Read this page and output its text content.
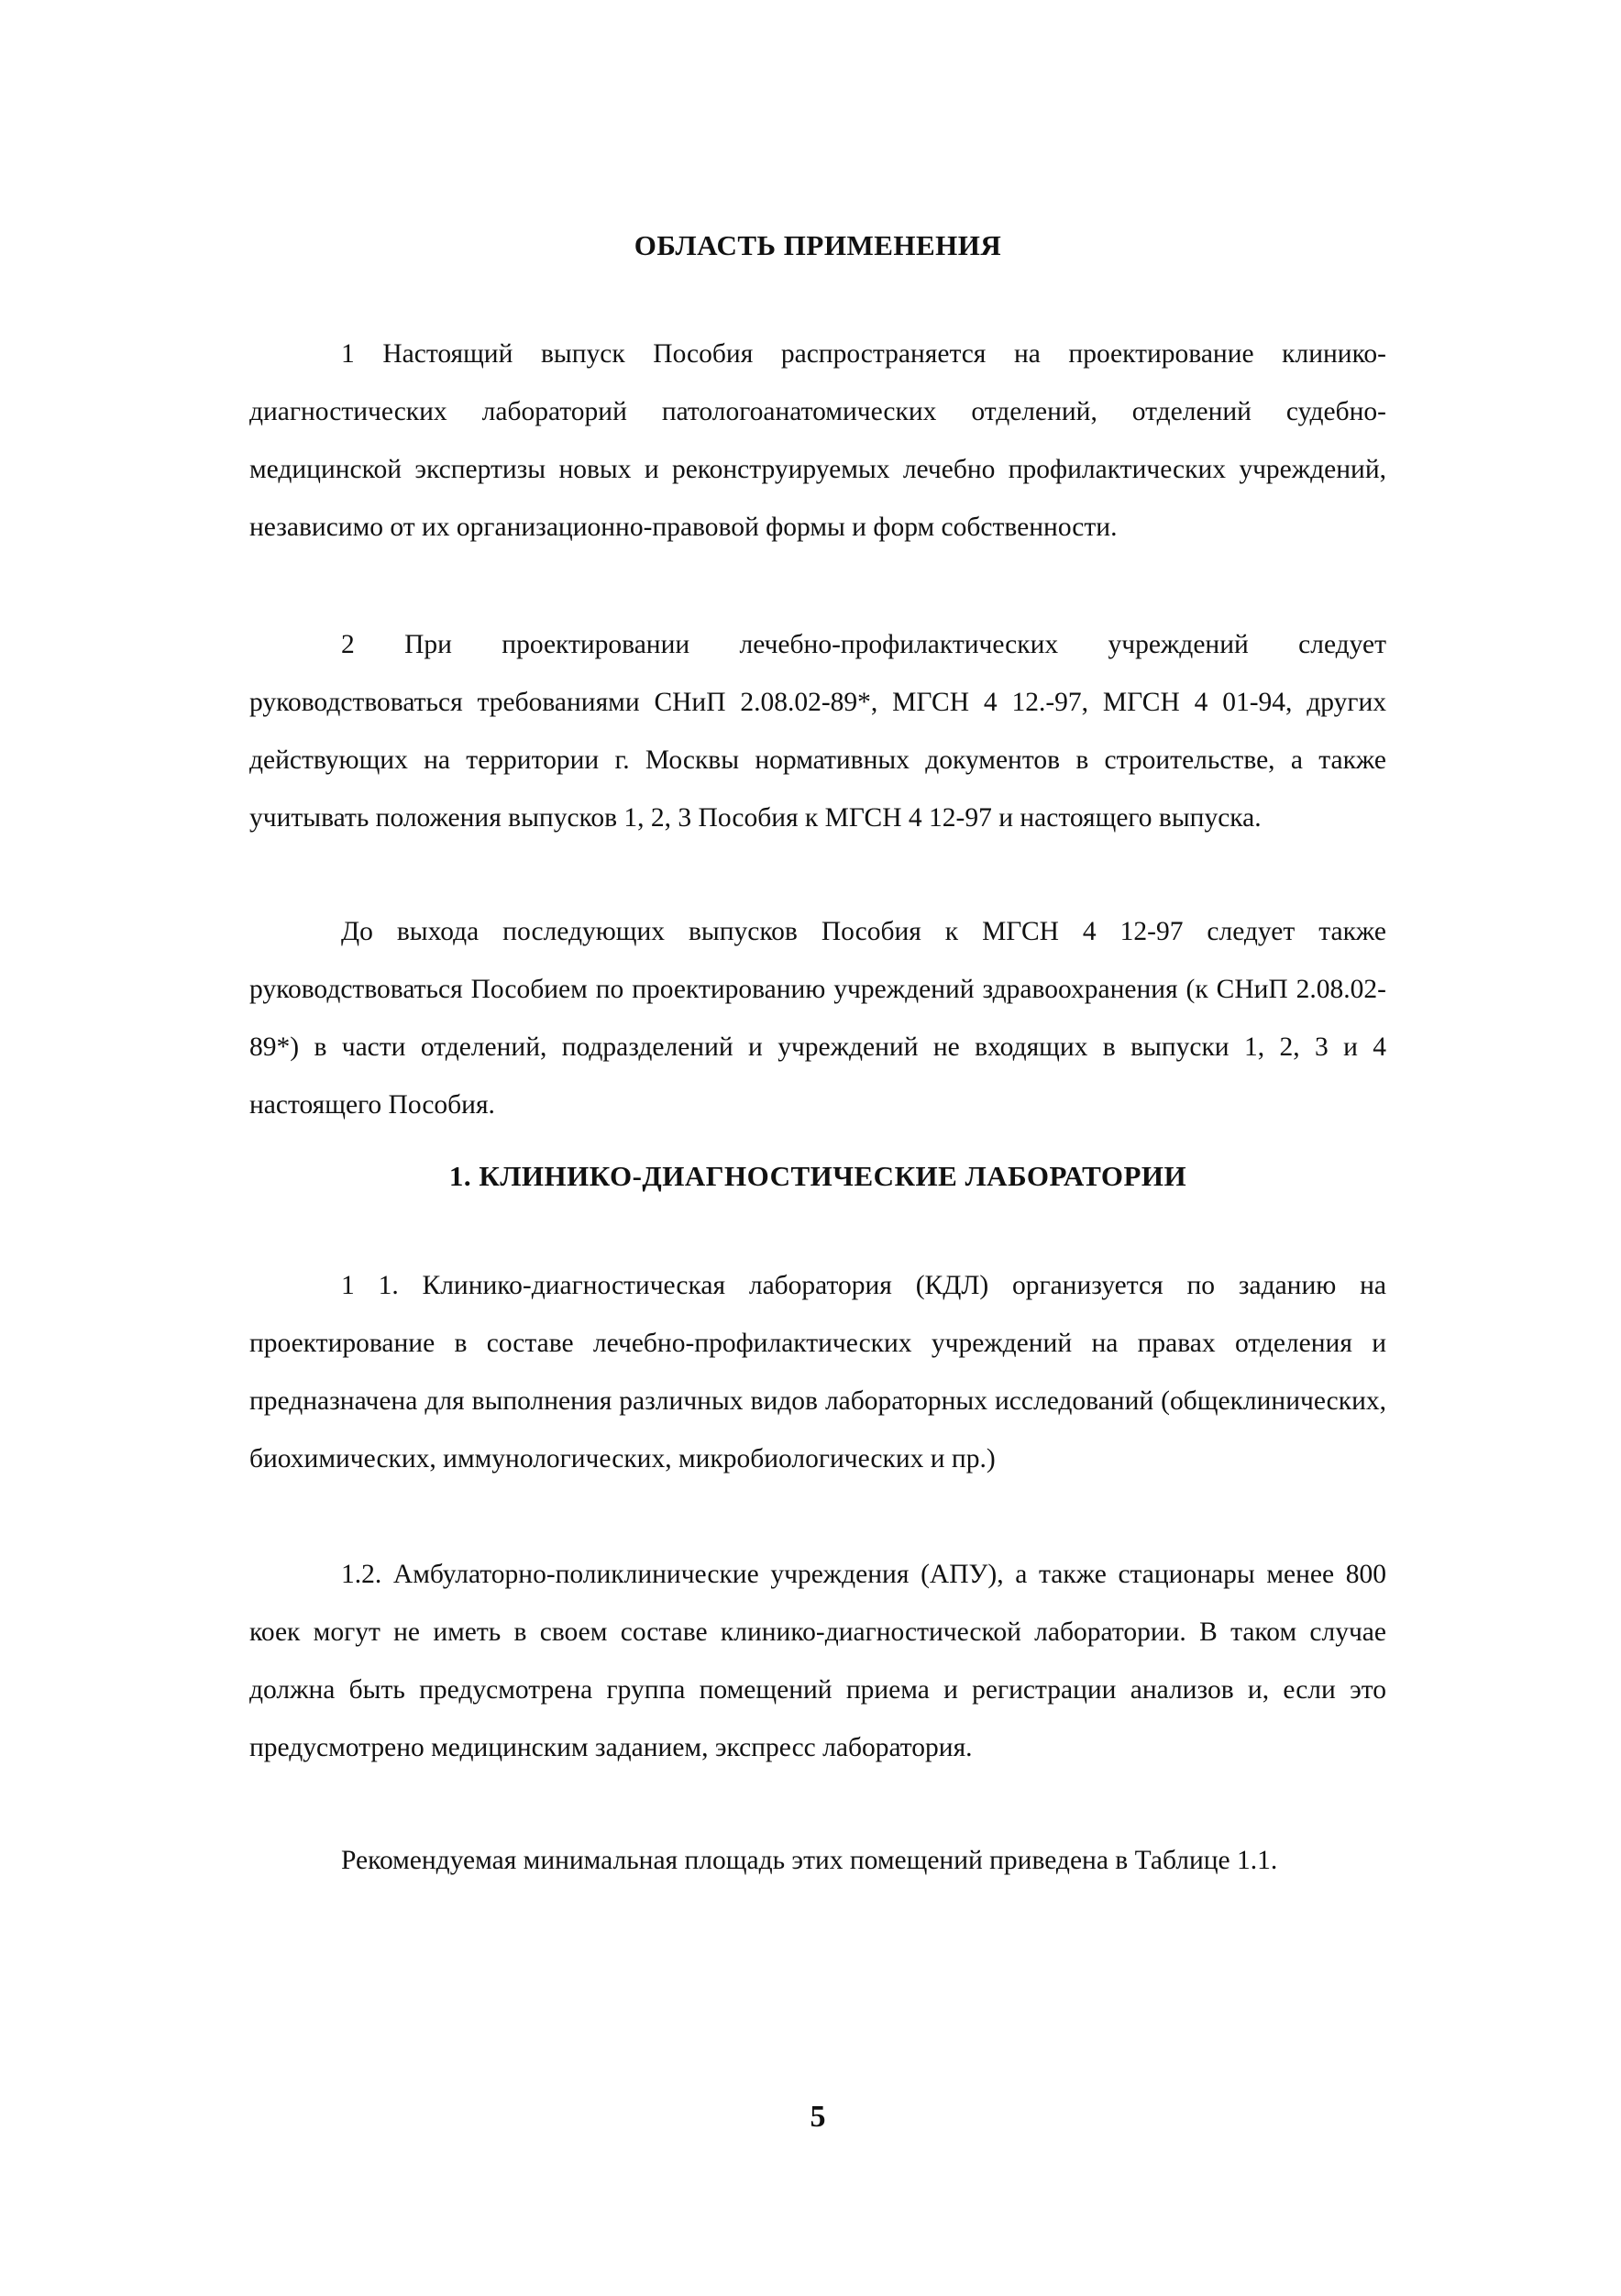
ОБЛАСТЬ ПРИМЕНЕНИЯ

1 Настоящий выпуск Пособия распространяется на проектирование клинико-диагностических лабораторий патологоанатомических отделений, отделений судебно-медицинской экспертизы новых и реконструируемых лечебно профилактических учреждений, независимо от их организационно-правовой формы и форм собственности.

2 При проектировании лечебно-профилактических учреждений следует руководствоваться требованиями СНиП 2.08.02-89*, МГСН 4 12.-97, МГСН 4 01-94, других действующих на территории г. Москвы нормативных документов в строительстве, а также учитывать положения выпусков 1, 2, 3 Пособия к МГСН 4 12-97 и настоящего выпуска.

До выхода последующих выпусков Пособия к МГСН 4 12-97 следует также руководствоваться Пособием по проектированию учреждений здравоохранения (к СНиП 2.08.02-89*) в части отделений, подразделений и учреждений не входящих в выпуски 1, 2, 3 и 4 настоящего Пособия.

1. КЛИНИКО-ДИАГНОСТИЧЕСКИЕ ЛАБОРАТОРИИ

1 1. Клинико-диагностическая лаборатория (КДЛ) организуется по заданию на проектирование в составе лечебно-профилактических учреждений на правах отделения и предназначена для выполнения различных видов лабораторных исследований (общеклинических, биохимических, иммунологических, микробиологических и пр.)

1.2. Амбулаторно-поликлинические учреждения (АПУ), а также стационары менее 800 коек могут не иметь в своем составе клинико-диагностической лаборатории. В таком случае должна быть предусмотрена группа помещений приема и регистрации анализов и, если это предусмотрено медицинским заданием, экспресс лаборатория.

Рекомендуемая минимальная площадь этих помещений приведена в Таблице 1.1.

5
